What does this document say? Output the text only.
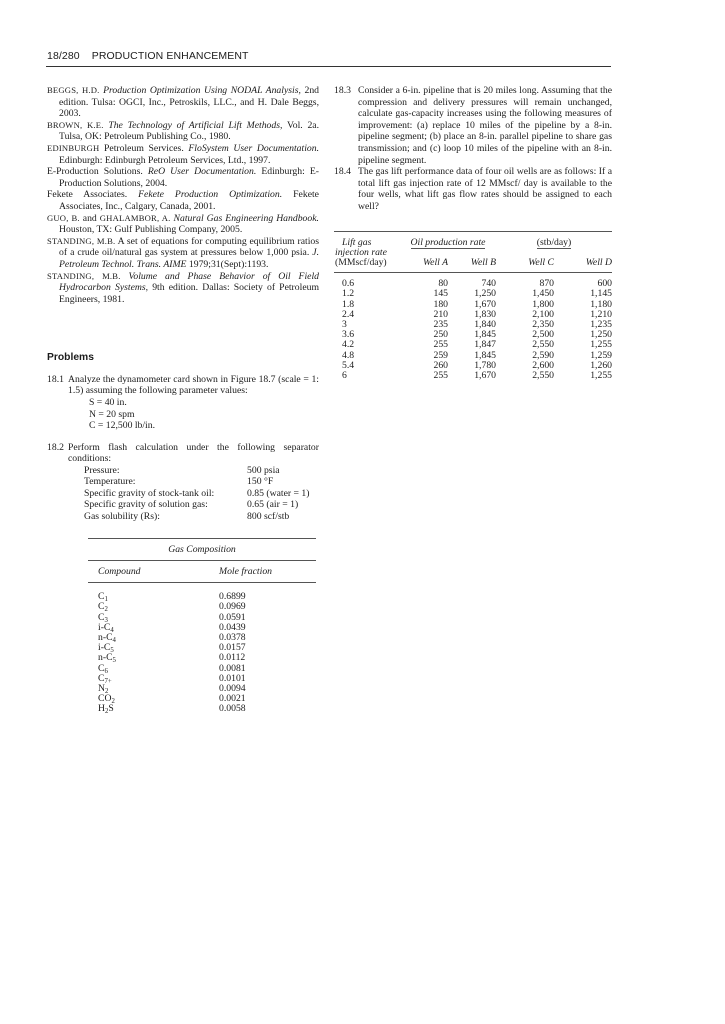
18/280 PRODUCTION ENHANCEMENT

BEGGS, H.D. Production Optimization Using NODAL Analysis, 2nd edition. Tulsa: OGCI, Inc., Petroskils, LLC., and H. Dale Beggs, 2003.

BROWN, K.E. The Technology of Artificial Lift Methods, Vol. 2a. Tulsa, OK: Petroleum Publishing Co., 1980.

EDINBURGH Petroleum Services. FloSystem User Documentation. Edinburgh: Edinburgh Petroleum Services, Ltd., 1997.

E-Production Solutions. ReO User Documentation. Edinburgh: E-Production Solutions, 2004.

Fekete Associates. Fekete Production Optimization. Fekete Associates, Inc., Calgary, Canada, 2001.

GUO, B. and GHALAMBOR, A. Natural Gas Engineering Handbook. Houston, TX: Gulf Publishing Company, 2005.

STANDING, M.B. A set of equations for computing equilibrium ratios of a crude oil/natural gas system at pressures below 1,000 psia. J. Petroleum Technol. Trans. AIME 1979;31(Sept):1193.

STANDING, M.B. Volume and Phase Behavior of Oil Field Hydrocarbon Systems, 9th edition. Dallas: Society of Petroleum Engineers, 1981.

Problems
18.1 Analyze the dynamometer card shown in Figure 18.7 (scale = 1: 1.5) assuming the following parameter values:
S = 40 in.
N = 20 spm
C = 12,500 lb/in.
18.2 Perform flash calculation under the following separator conditions:
Pressure:	500 psia
Temperature:	150 °F
Specific gravity of stock-tank oil:	0.85 (water = 1)
Specific gravity of solution gas:	0.65 (air = 1)
Gas solubility (Rs):	800 scf/stb
Gas Composition
Compound	Mole fraction
$C_1$	0.6899
$C_2$	0.0969
$C_3$	0.0591
$i-C_4$	0.0439
$n-C_4$	0.0378
$i-C_5$	0.0157
$n-C_5$	0.0112
$C_6$	0.0081
$C_{7+}$	0.0101
$N_2$	0.0094
$CO_2$	0.0021
$H_2S$	0.0058
18.3 Consider a 6-in. pipeline that is 20 miles long. Assuming that the compression and delivery pressures will remain unchanged, calculate gas-capacity increases using the following measures of improvement: (a) replace 10 miles of the pipeline by a 8-in. pipeline segment; (b) place an 8-in. parallel pipeline to share gas transmission; and (c) loop 10 miles of the pipeline with an 8-in. pipeline segment.
18.4 The gas lift performance data of four oil wells are as follows: If a total lift gas injection rate of 12 MMscf/ day is available to the four wells, what lift gas flow rates should be assigned to each well?
Lift gas	Oil production rate		(stb/day)	
injection rate				
(MMscf/day)	Well A	Well B	Well C	Well D

0.6	80	740	870	600
1.2	145	1,250	1,450	1,145
1.8	180	1,670	1,800	1,180
2.4	210	1,830	2,100	1,210
3	235	1,840	2,350	1,235
3.6	250	1,845	2,500	1,250
4.2	255	1,847	2,550	1,255
4.8	259	1,845	2,590	1,259
5.4	260	1,780	2,600	1,260
6	255	1,670	2,550	1,255
